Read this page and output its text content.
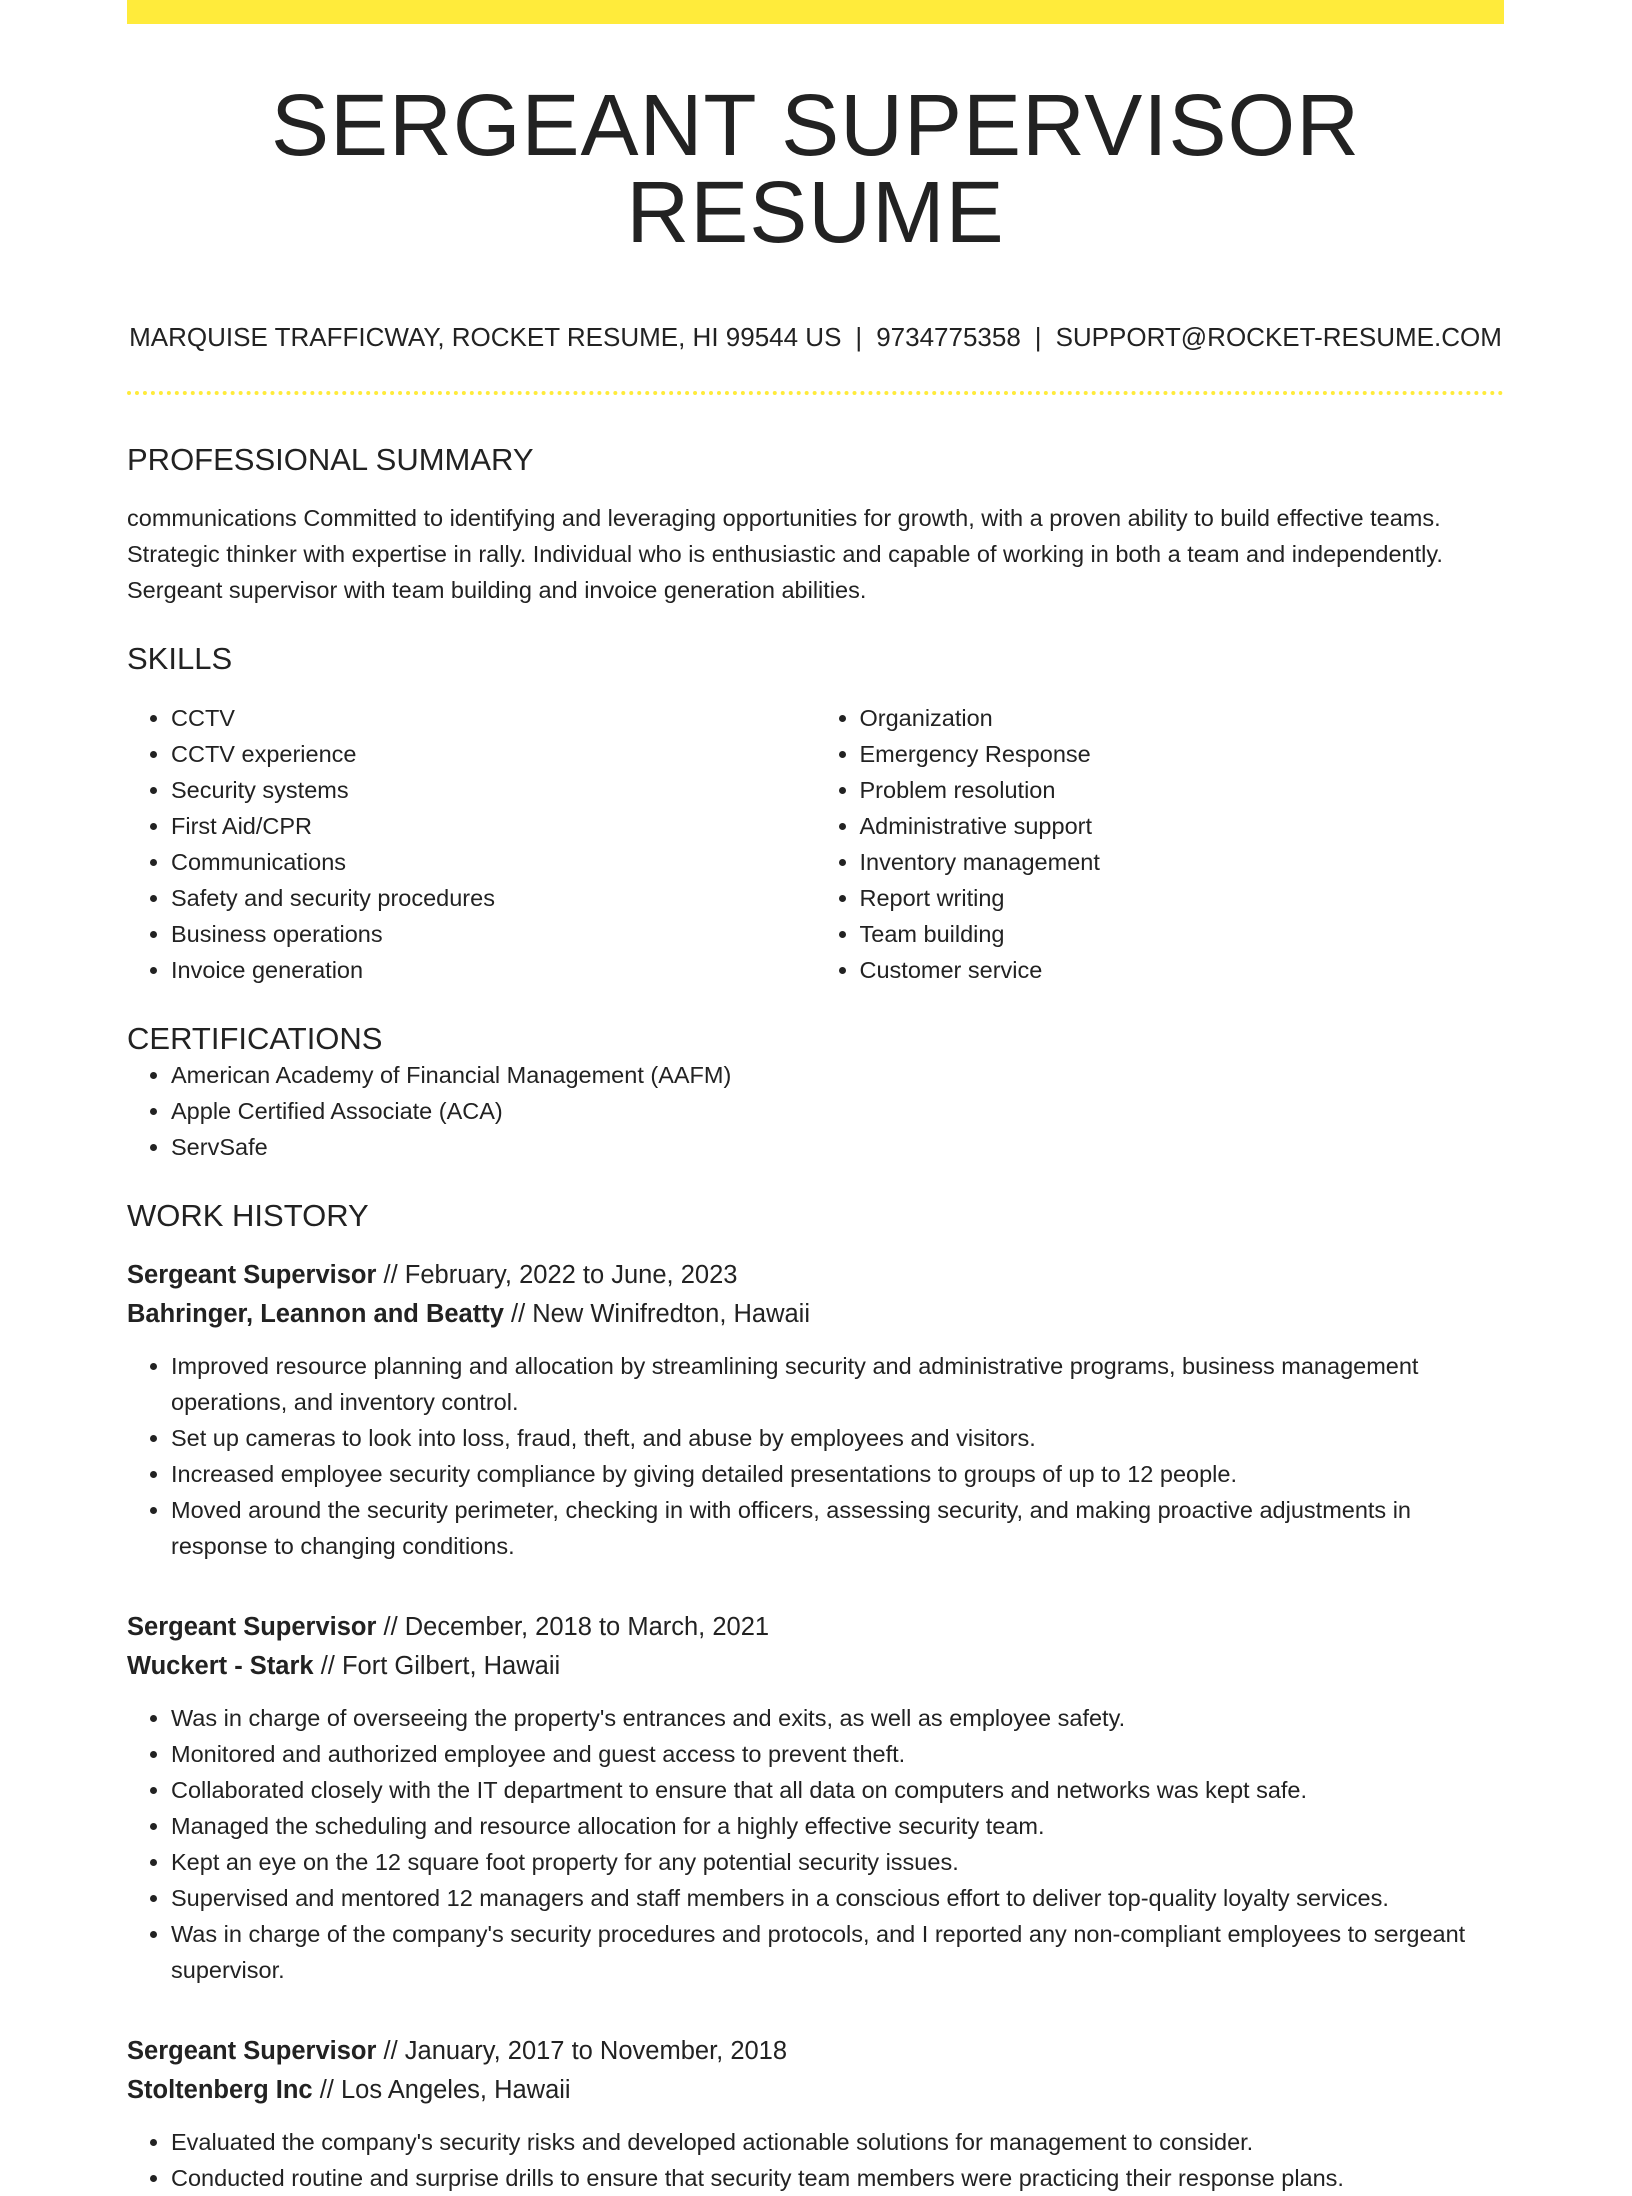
SERGEANT SUPERVISOR RESUME
MARQUISE TRAFFICWAY, ROCKET RESUME, HI 99544 US | 9734775358 | SUPPORT@ROCKET-RESUME.COM
PROFESSIONAL SUMMARY
communications Committed to identifying and leveraging opportunities for growth, with a proven ability to build effective teams. Strategic thinker with expertise in rally. Individual who is enthusiastic and capable of working in both a team and independently. Sergeant supervisor with team building and invoice generation abilities.
SKILLS
• CCTV
• CCTV experience
• Security systems
• First Aid/CPR
• Communications
• Safety and security procedures
• Business operations
• Invoice generation
• Organization
• Emergency Response
• Problem resolution
• Administrative support
• Inventory management
• Report writing
• Team building
• Customer service
CERTIFICATIONS
• American Academy of Financial Management (AAFM)
• Apple Certified Associate (ACA)
• ServSafe
WORK HISTORY
Sergeant Supervisor // February, 2022 to June, 2023
Bahringer, Leannon and Beatty // New Winifredton, Hawaii
• Improved resource planning and allocation by streamlining security and administrative programs, business management operations, and inventory control.
• Set up cameras to look into loss, fraud, theft, and abuse by employees and visitors.
• Increased employee security compliance by giving detailed presentations to groups of up to 12 people.
• Moved around the security perimeter, checking in with officers, assessing security, and making proactive adjustments in response to changing conditions.
Sergeant Supervisor // December, 2018 to March, 2021
Wuckert - Stark // Fort Gilbert, Hawaii
• Was in charge of overseeing the property's entrances and exits, as well as employee safety.
• Monitored and authorized employee and guest access to prevent theft.
• Collaborated closely with the IT department to ensure that all data on computers and networks was kept safe.
• Managed the scheduling and resource allocation for a highly effective security team.
• Kept an eye on the 12 square foot property for any potential security issues.
• Supervised and mentored 12 managers and staff members in a conscious effort to deliver top-quality loyalty services.
• Was in charge of the company's security procedures and protocols, and I reported any non-compliant employees to sergeant supervisor.
Sergeant Supervisor // January, 2017 to November, 2018
Stoltenberg Inc // Los Angeles, Hawaii
• Evaluated the company's security risks and developed actionable solutions for management to consider.
• Conducted routine and surprise drills to ensure that security team members were practicing their response plans.
